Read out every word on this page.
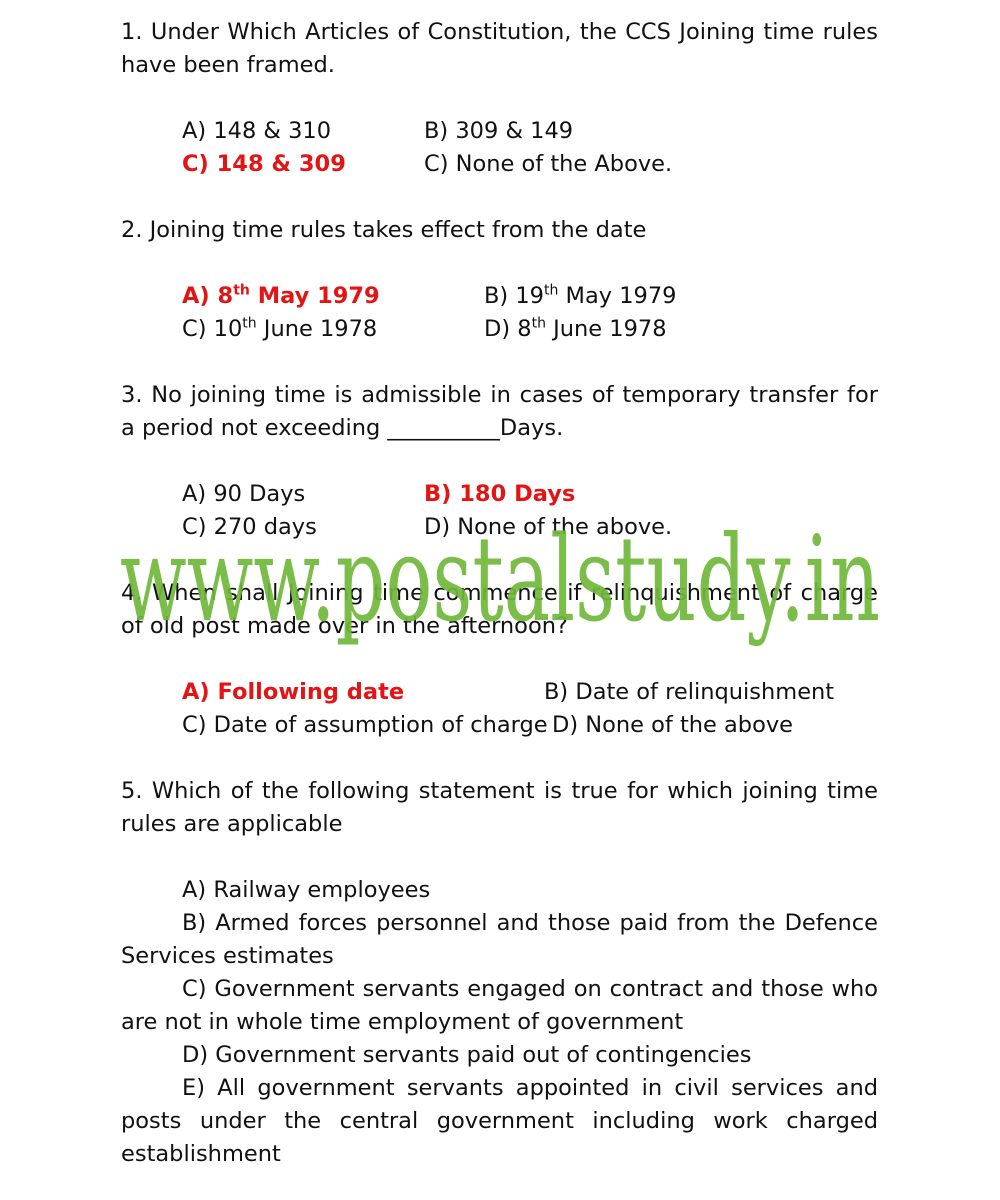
1. Under Which Articles of Constitution, the CCS Joining time rules have been framed.

A) 148 & 310	B) 309 & 149
C) 148 & 309	C) None of the Above.

2. Joining time rules takes effect from the date

A) 8th May 1979	B) 19th May 1979
C) 10th June 1978	D) 8th June 1978

3. No joining time is admissible in cases of temporary transfer for a period not exceeding __________Days.

A) 90 Days	B) 180 Days
C) 270 days	D) None of the above.

4. When shall Joining time commence if relinquishment of charge of old post made over in the afternoon?

A) Following date	B) Date of relinquishment
C) Date of assumption of charge D) None of the above

5. Which of the following statement is true for which joining time rules are applicable

A) Railway employees

B) Armed forces personnel and those paid from the Defence Services estimates

C) Government servants engaged on contract and those who are not in whole time employment of government

D) Government servants paid out of contingencies

E) All government servants appointed in civil services and posts under the central government including work charged establishment

www.postalstudy.in
